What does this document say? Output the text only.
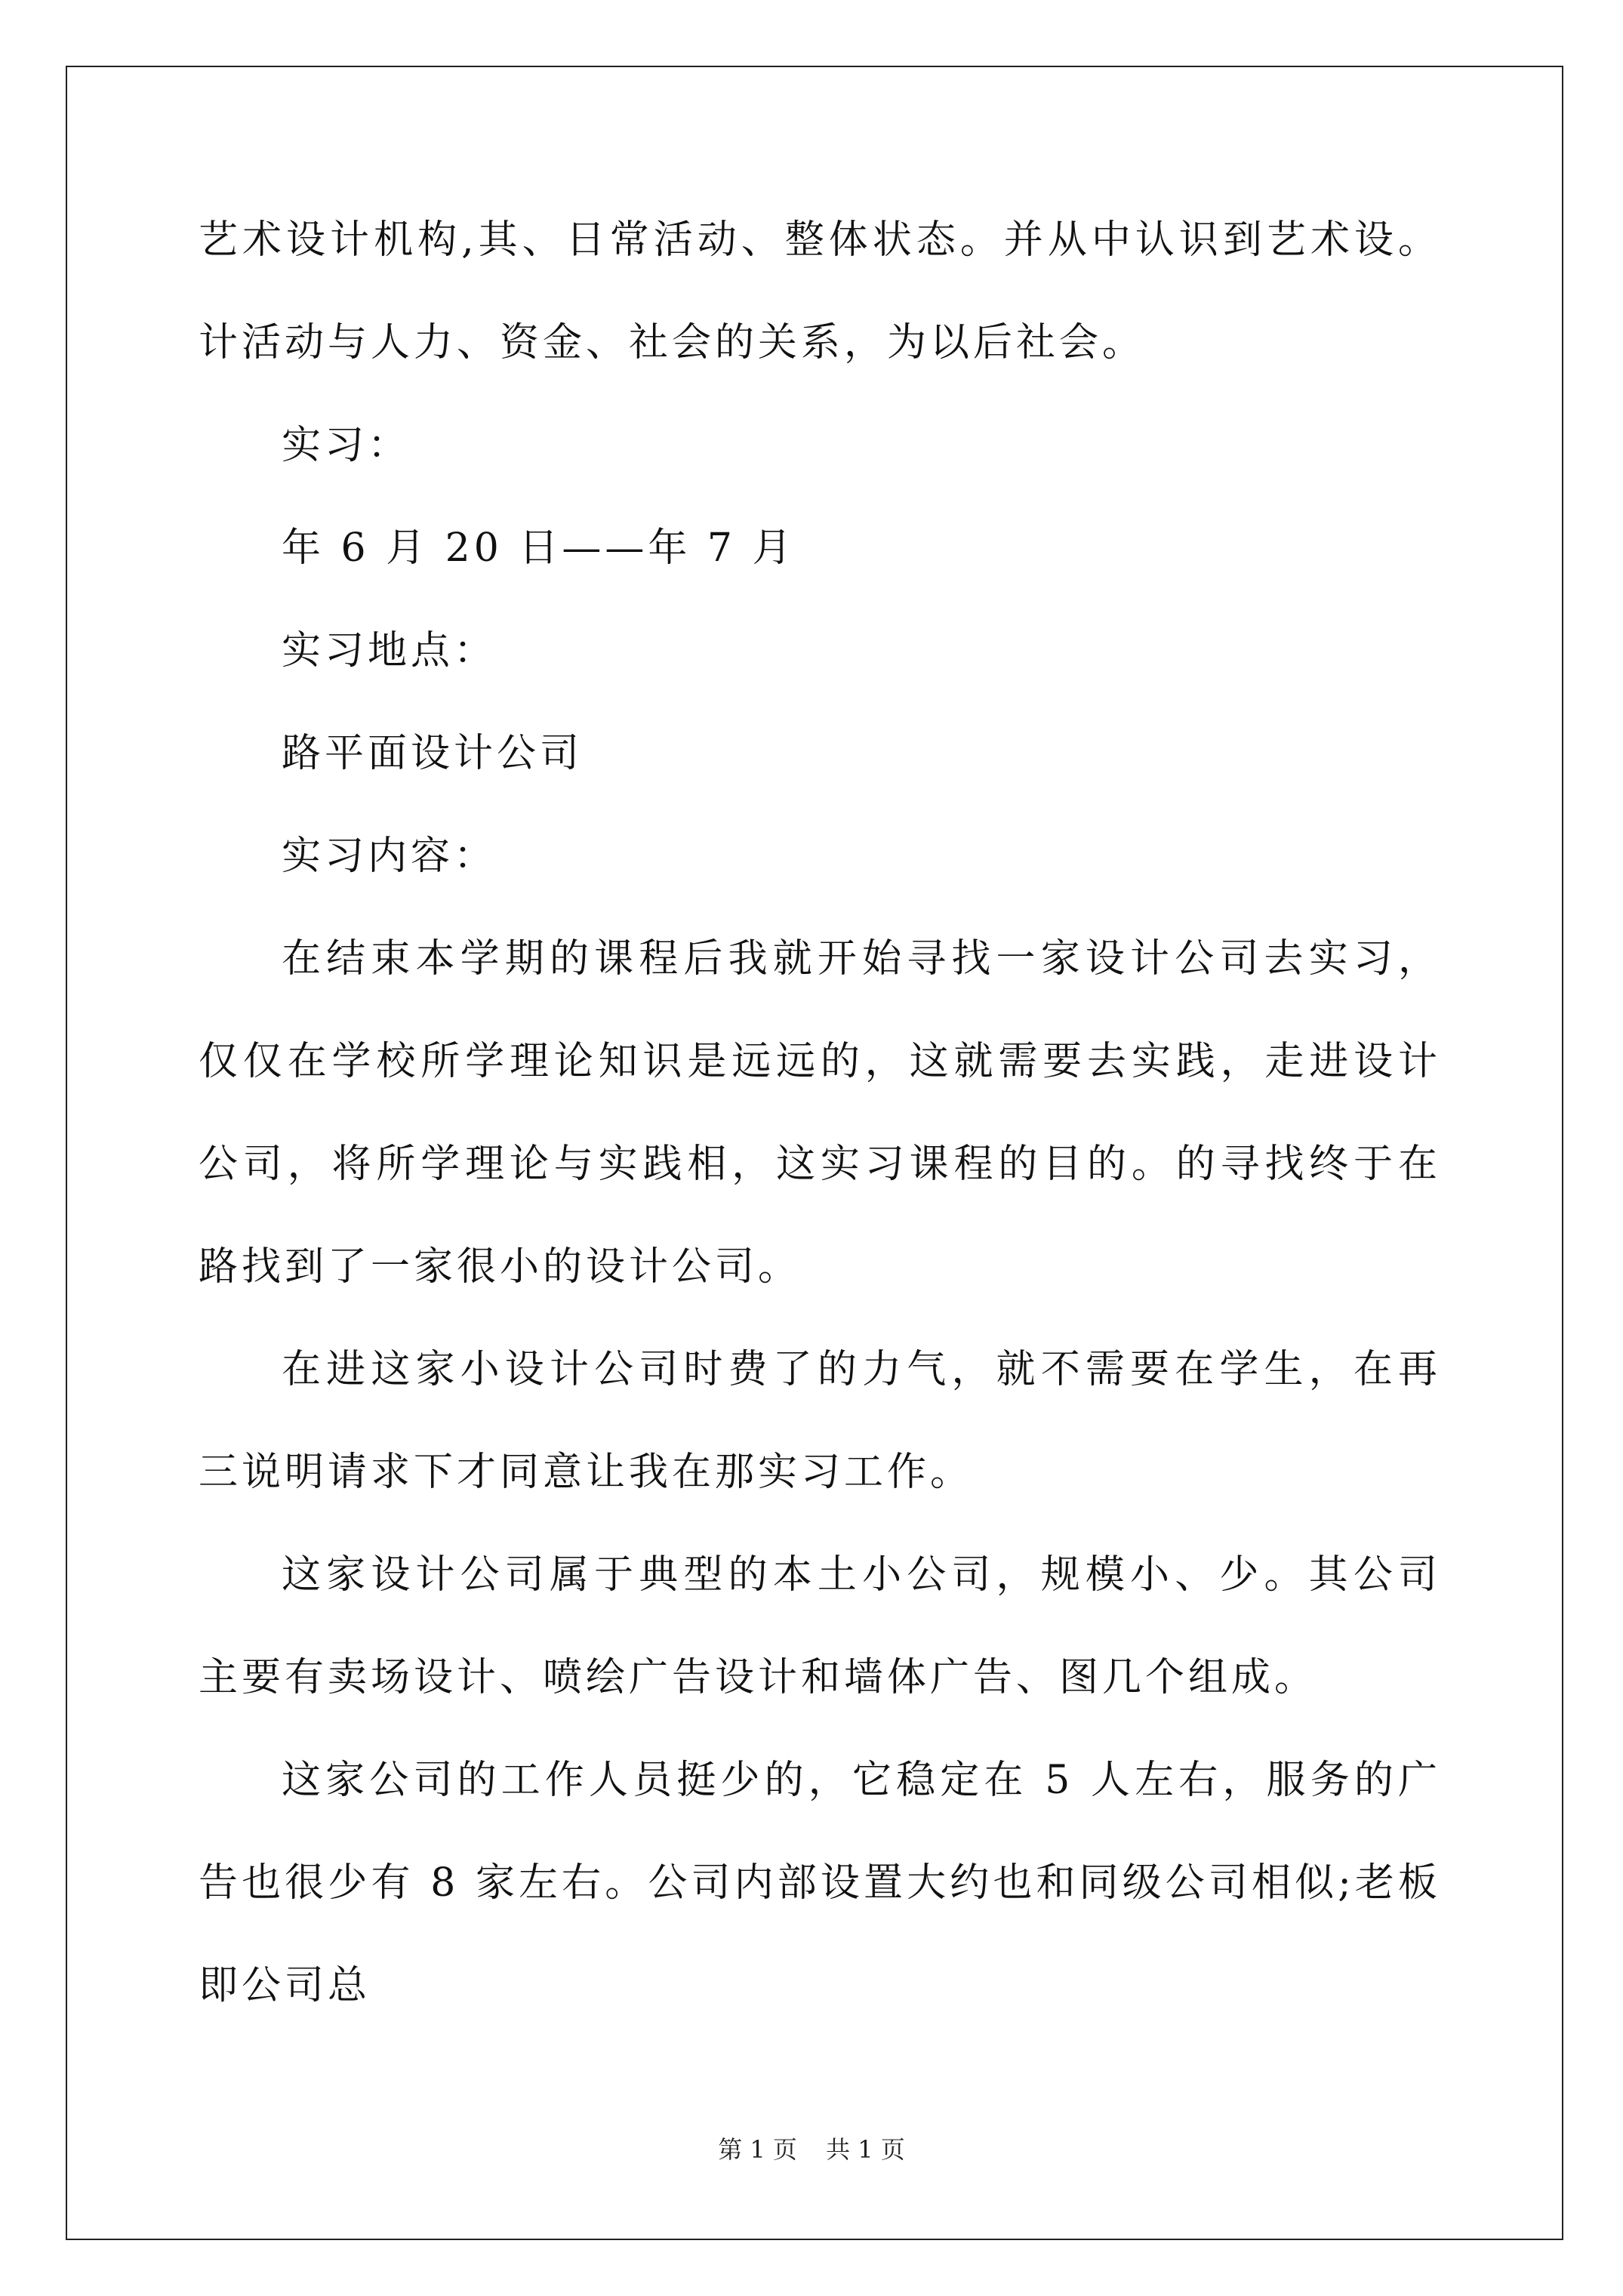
艺术设计机构,其、日常活动、整体状态。并从中认识到艺术设。计活动与人力、资金、社会的关系，为以后社会。

实习：

年 6 月 20 日——年 7 月

实习地点：

路平面设计公司

实习内容：

在结束本学期的课程后我就开始寻找一家设计公司去实习，仅仅在学校所学理论知识是远远的，这就需要去实践，走进设计公司，将所学理论与实践相，这实习课程的目的。的寻找终于在路找到了一家很小的设计公司。

在进这家小设计公司时费了的力气，就不需要在学生，在再三说明请求下才同意让我在那实习工作。

这家设计公司属于典型的本土小公司，规模小、少。其公司主要有卖场设计、喷绘广告设计和墙体广告、图几个组成。

这家公司的工作人员挺少的，它稳定在 5 人左右，服务的广告也很少有 8 家左右。公司内部设置大约也和同级公司相似;老板即公司总

第 1 页 共 1 页
